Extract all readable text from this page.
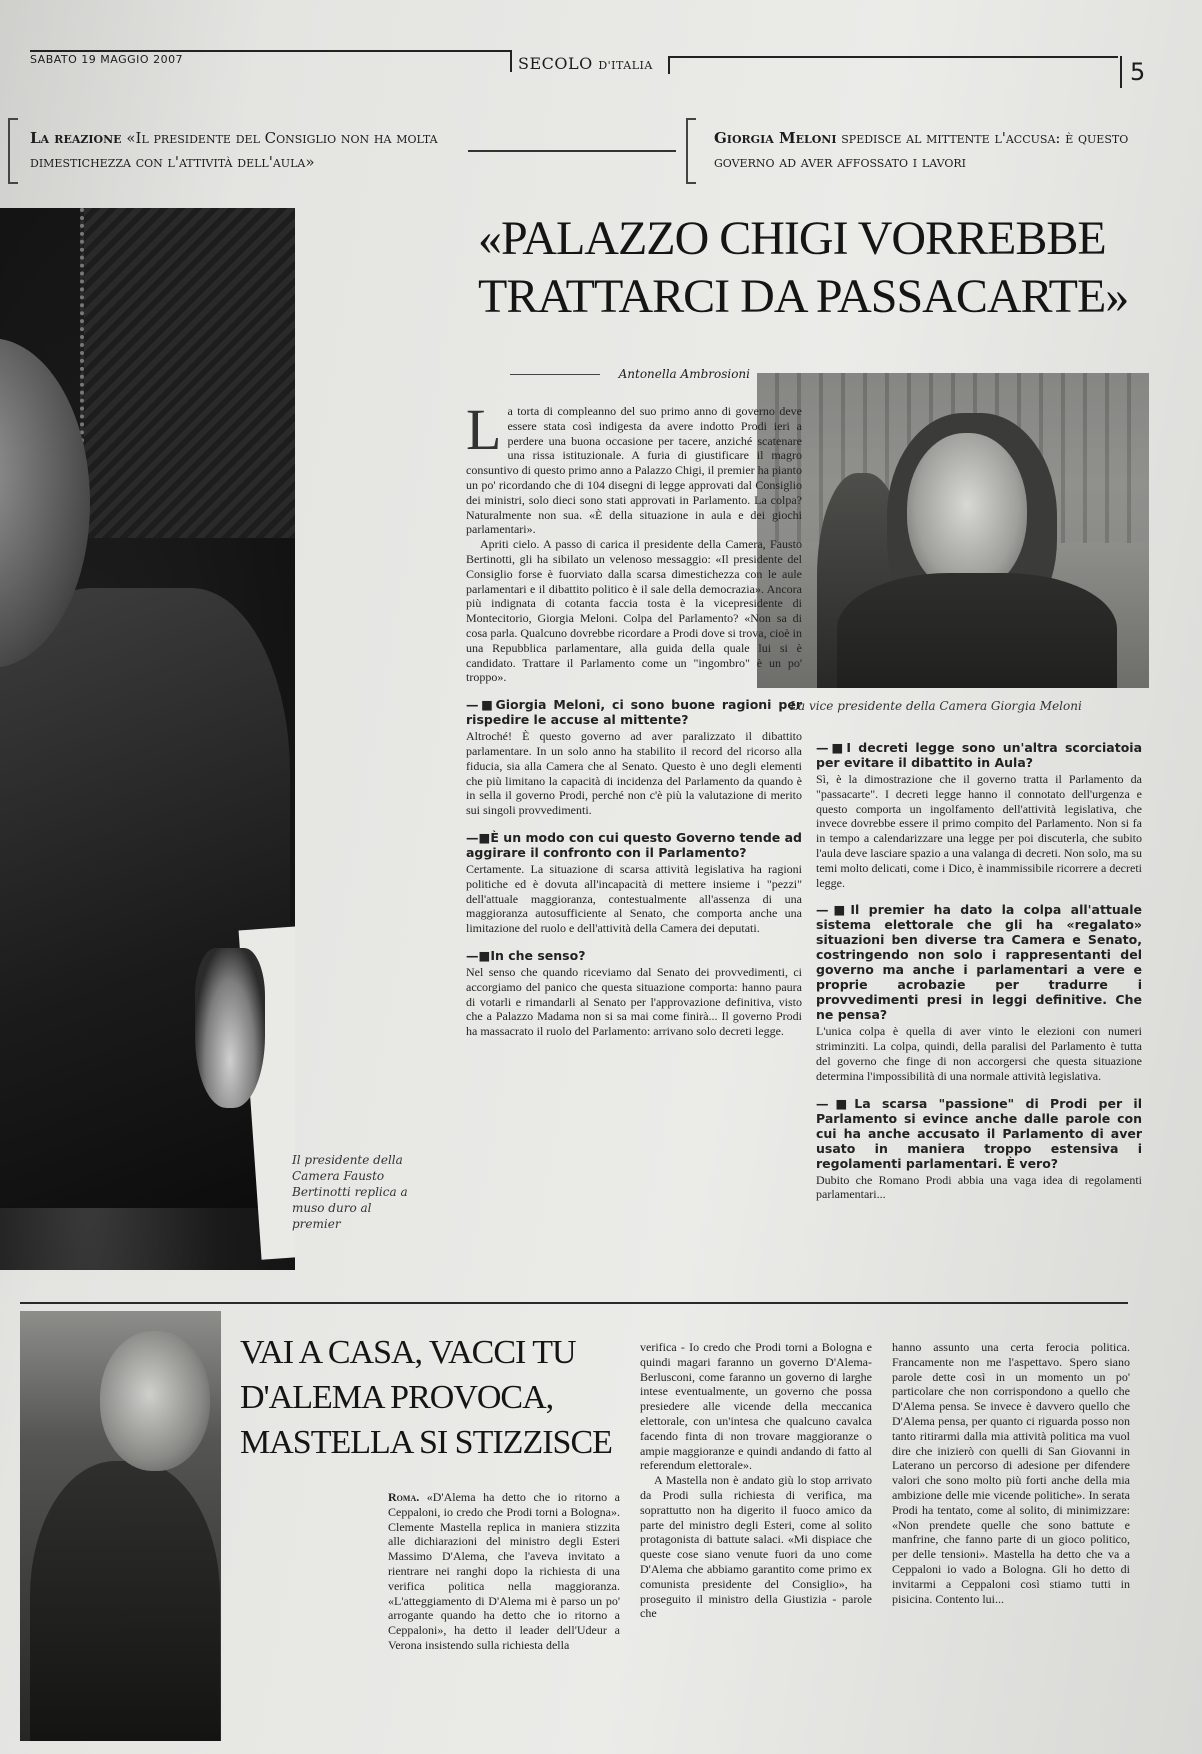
SABATO 19 MAGGIO 2007	SECOLO D'ITALIA	5
La reazione «Il presidente del Consiglio non ha molta dimestichezza con l'attività dell'aula»
Giorgia Meloni spedisce al mittente l'accusa: è questo governo ad aver affossato i lavori
Il presidente della Camera Fausto Bertinotti replica a muso duro al premier
«PALAZZO CHIGI VORREBBE TRATTARCI DA PASSACARTE»
Antonella Ambrosioni
La vice presidente della Camera Giorgia Meloni

La torta di compleanno del suo primo anno di governo deve essere stata così indigesta da avere indotto Prodi ieri a perdere una buona occasione per tacere, anziché scatenare una rissa istituzionale. A furia di giustificare il magro consuntivo di questo primo anno a Palazzo Chigi, il premier ha pianto un po' ricordando che di 104 disegni di legge approvati dal Consiglio dei ministri, solo dieci sono stati approvati in Parlamento. La colpa? Naturalmente non sua. «È della situazione in aula e dei giochi parlamentari».

Apriti cielo. A passo di carica il presidente della Camera, Fausto Bertinotti, gli ha sibilato un velenoso messaggio: «Il presidente del Consiglio forse è fuorviato dalla scarsa dimestichezza con le aule parlamentari e il dibattito politico è il sale della democrazia». Ancora più indignata di cotanta faccia tosta è la vicepresidente di Montecitorio, Giorgia Meloni. Colpa del Parlamento? «Non sa di cosa parla. Qualcuno dovrebbe ricordare a Prodi dove si trova, cioè in una Repubblica parlamentare, alla guida della quale lui si è candidato. Trattare il Parlamento come un "ingombro" è un po' troppo».

—■ Giorgia Meloni, ci sono buone ragioni per rispedire le accuse al mittente?

Altroché! È questo governo ad aver paralizzato il dibattito parlamentare. In un solo anno ha stabilito il record del ricorso alla fiducia, sia alla Camera che al Senato. Questo è uno degli elementi che più limitano la capacità di incidenza del Parlamento da quando è in sella il governo Prodi, perché non c'è più la valutazione di merito sui singoli provvedimenti.

—■ È un modo con cui questo Governo tende ad aggirare il confronto con il Parlamento?

Certamente. La situazione di scarsa attività legislativa ha ragioni politiche ed è dovuta all'incapacità di mettere insieme i "pezzi" dell'attuale maggioranza, contestualmente all'assenza di una maggioranza autosufficiente al Senato, che comporta anche una limitazione del ruolo e dell'attività della Camera dei deputati.

—■ In che senso?

Nel senso che quando riceviamo dal Senato dei provvedimenti, ci accorgiamo del panico che questa situazione comporta: hanno paura di votarli e rimandarli al Senato per l'approvazione definitiva, visto che a Palazzo Madama non si sa mai come finirà... Il governo Prodi ha massacrato il ruolo del Parlamento: arrivano solo decreti legge.

—■ I decreti legge sono un'altra scorciatoia per evitare il dibattito in Aula?

Sì, è la dimostrazione che il governo tratta il Parlamento da "passacarte". I decreti legge hanno il connotato dell'urgenza e questo comporta un ingolfamento dell'attività legislativa, che invece dovrebbe essere il primo compito del Parlamento. Non si fa in tempo a calendarizzare una legge per poi discuterla, che subito l'aula deve lasciare spazio a una valanga di decreti. Non solo, ma su temi molto delicati, come i Dico, è inammissibile ricorrere a decreti legge.

—■ Il premier ha dato la colpa all'attuale sistema elettorale che gli ha «regalato» situazioni ben diverse tra Camera e Senato, costringendo non solo i rappresentanti del governo ma anche i parlamentari a vere e proprie acrobazie per tradurre i provvedimenti presi in leggi definitive. Che ne pensa?

L'unica colpa è quella di aver vinto le elezioni con numeri striminziti. La colpa, quindi, della paralisi del Parlamento è tutta del governo che finge di non accorgersi che questa situazione determina l'impossibilità di una normale attività legislativa.

—■ La scarsa "passione" di Prodi per il Parlamento si evince anche dalle parole con cui ha anche accusato il Parlamento di aver usato in maniera troppo estensiva i regolamenti parlamentari. È vero?

Dubito che Romano Prodi abbia una vaga idea di regolamenti parlamentari...

VAI A CASA, VACCI TU D'ALEMA PROVOCA, MASTELLA SI STIZZISCE

Roma. «D'Alema ha detto che io ritorno a Ceppaloni, io credo che Prodi torni a Bologna». Clemente Mastella replica in maniera stizzita alle dichiarazioni del ministro degli Esteri Massimo D'Alema, che l'aveva invitato a rientrare nei ranghi dopo la richiesta di una verifica politica nella maggioranza. «L'atteggiamento di D'Alema mi è parso un po' arrogante quando ha detto che io ritorno a Ceppaloni», ha detto il leader dell'Udeur a Verona insistendo sulla richiesta della

verifica - Io credo che Prodi torni a Bologna e quindi magari faranno un governo D'Alema-Berlusconi, come faranno un governo di larghe intese eventualmente, un governo che possa presiedere alle vicende della meccanica elettorale, con un'intesa che qualcuno cavalca facendo finta di non trovare maggioranze o ampie maggioranze e quindi andando di fatto al referendum elettorale».

A Mastella non è andato giù lo stop arrivato da Prodi sulla richiesta di verifica, ma soprattutto non ha digerito il fuoco amico da parte del ministro degli Esteri, come al solito protagonista di battute salaci. «Mi dispiace che queste cose siano venute fuori da uno come D'Alema che abbiamo garantito come primo ex comunista presidente del Consiglio», ha proseguito il ministro della Giustizia - parole che

hanno assunto una certa ferocia politica. Francamente non me l'aspettavo. Spero siano parole dette così in un momento un po' particolare che non corrispondono a quello che D'Alema pensa. Se invece è davvero quello che D'Alema pensa, per quanto ci riguarda posso non tanto ritirarmi dalla mia attività politica ma vuol dire che inizierò con quelli di San Giovanni in Laterano un percorso di adesione per difendere valori che sono molto più forti anche della mia ambizione delle mie vicende politiche». In serata Prodi ha tentato, come al solito, di minimizzare: «Non prendete quelle che sono battute e manfrine, che fanno parte di un gioco politico, per delle tensioni». Mastella ha detto che va a Ceppaloni io vado a Bologna. Gli ho detto di invitarmi a Ceppaloni così stiamo tutti in pisicina. Contento lui...
